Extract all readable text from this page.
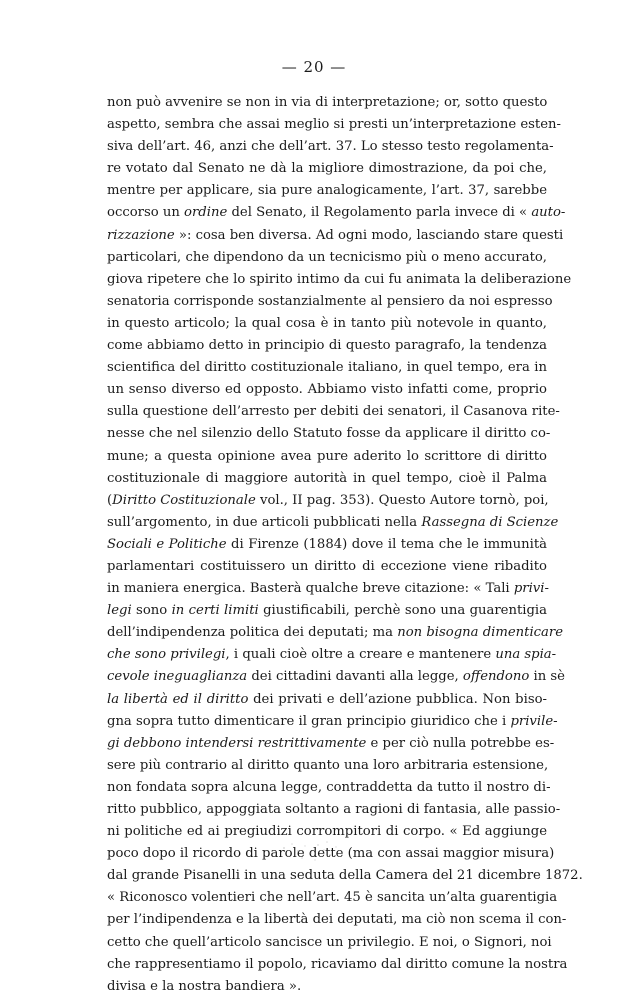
— 20 —
non può avvenire se non in via di interpretazione; or, sotto questo
aspetto, sembra che assai meglio si presti un’interpretazione esten-
siva dell’art. 46, anzi che dell’art. 37. Lo stesso testo regolamenta-
re votato dal Senato ne dà la migliore dimostrazione, da poi che,
mentre per applicare, sia pure analogicamente, l’art. 37, sarebbe
occorso un ordine del Senato, il Regolamento parla invece di « auto-
rizzazione »: cosa ben diversa. Ad ogni modo, lasciando stare questi
particolari, che dipendono da un tecnicismo più o meno accurato,
giova ripetere che lo spirito intimo da cui fu animata la deliberazione
senatoria corrisponde sostanzialmente al pensiero da noi espresso
in questo articolo; la qual cosa è in tanto più notevole in quanto,
come abbiamo detto in principio di questo paragrafo, la tendenza
scientifica del diritto costituzionale italiano, in quel tempo, era in
un senso diverso ed opposto. Abbiamo visto infatti come, proprio
sulla questione dell’arresto per debiti dei senatori, il Casanova rite-
nesse che nel silenzio dello Statuto fosse da applicare il diritto co-
mune; a questa opinione avea pure aderito lo scrittore di diritto
costituzionale di maggiore autorità in quel tempo, cioè il Palma
(Diritto Costituzionale vol., II pag. 353). Questo Autore tornò, poi,
sull’argomento, in due articoli pubblicati nella Rassegna di Scienze
Sociali e Politiche di Firenze (1884) dove il tema che le immunità
parlamentari costituissero un diritto di eccezione viene ribadito
in maniera energica. Basterà qualche breve citazione: « Tali privi-
legi sono in certi limiti giustificabili, perchè sono una guarentigia
dell’indipendenza politica dei deputati; ma non bisogna dimenticare
che sono privilegi, i quali cioè oltre a creare e mantenere una spia-
cevole ineguaglianza dei cittadini davanti alla legge, offendono in sè
la libertà ed il diritto dei privati e dell’azione pubblica. Non biso-
gna sopra tutto dimenticare il gran principio giuridico che i privile-
gi debbono intendersi restrittivamente e per ciò nulla potrebbe es-
sere più contrario al diritto quanto una loro arbitraria estensione,
non fondata sopra alcuna legge, contraddetta da tutto il nostro di-
ritto pubblico, appoggiata soltanto a ragioni di fantasia, alle passio-
ni politiche ed ai pregiudizi corrompitori di corpo. « Ed aggiunge
poco dopo il ricordo di parole dette (ma con assai maggior misura)
dal grande Pisanelli in una seduta della Camera del 21 dicembre 1872.
« Riconosco volentieri che nell’art. 45 è sancita un’alta guarentigia
per l’indipendenza e la libertà dei deputati, ma ciò non scema il con-
cetto che quell’articolo sancisce un privilegio. E noi, o Signori, noi
che rappresentiamo il popolo, ricaviamo dal diritto comune la nostra
divisa e la nostra bandiera ».
